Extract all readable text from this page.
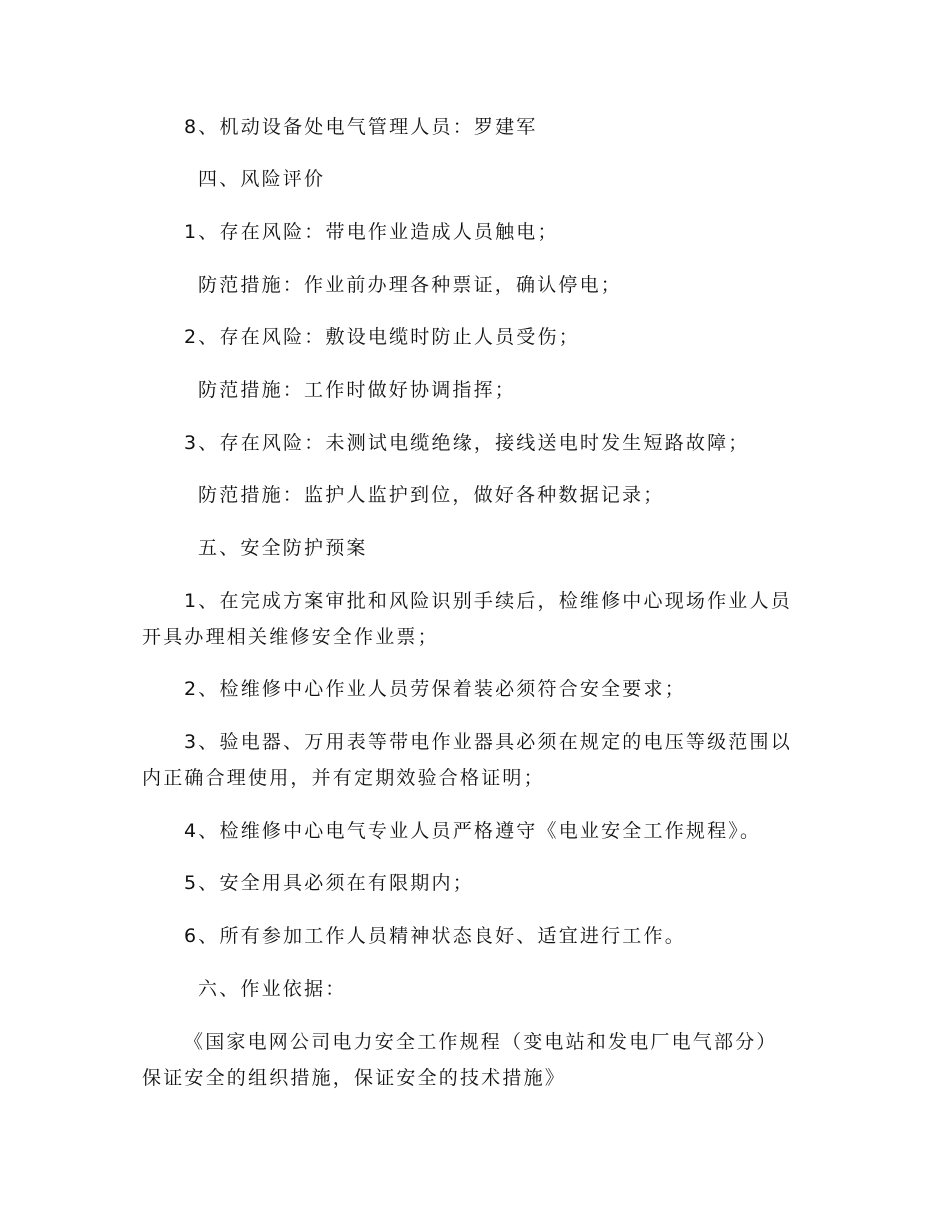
8、机动设备处电气管理人员：罗建军
四、风险评价
1、存在风险：带电作业造成人员触电；
防范措施：作业前办理各种票证，确认停电；
2、存在风险：敷设电缆时防止人员受伤；
防范措施：工作时做好协调指挥；
3、存在风险：未测试电缆绝缘，接线送电时发生短路故障；
防范措施：监护人监护到位，做好各种数据记录；
五、安全防护预案
1、在完成方案审批和风险识别手续后，检维修中心现场作业人员
开具办理相关维修安全作业票；
2、检维修中心作业人员劳保着装必须符合安全要求；
3、验电器、万用表等带电作业器具必须在规定的电压等级范围以
内正确合理使用，并有定期效验合格证明；
4、检维修中心电气专业人员严格遵守《电业安全工作规程》。
5、安全用具必须在有限期内；
6、所有参加工作人员精神状态良好、适宜进行工作。
六、作业依据：
《国家电网公司电力安全工作规程（变电站和发电厂电气部分）
保证安全的组织措施，保证安全的技术措施》
